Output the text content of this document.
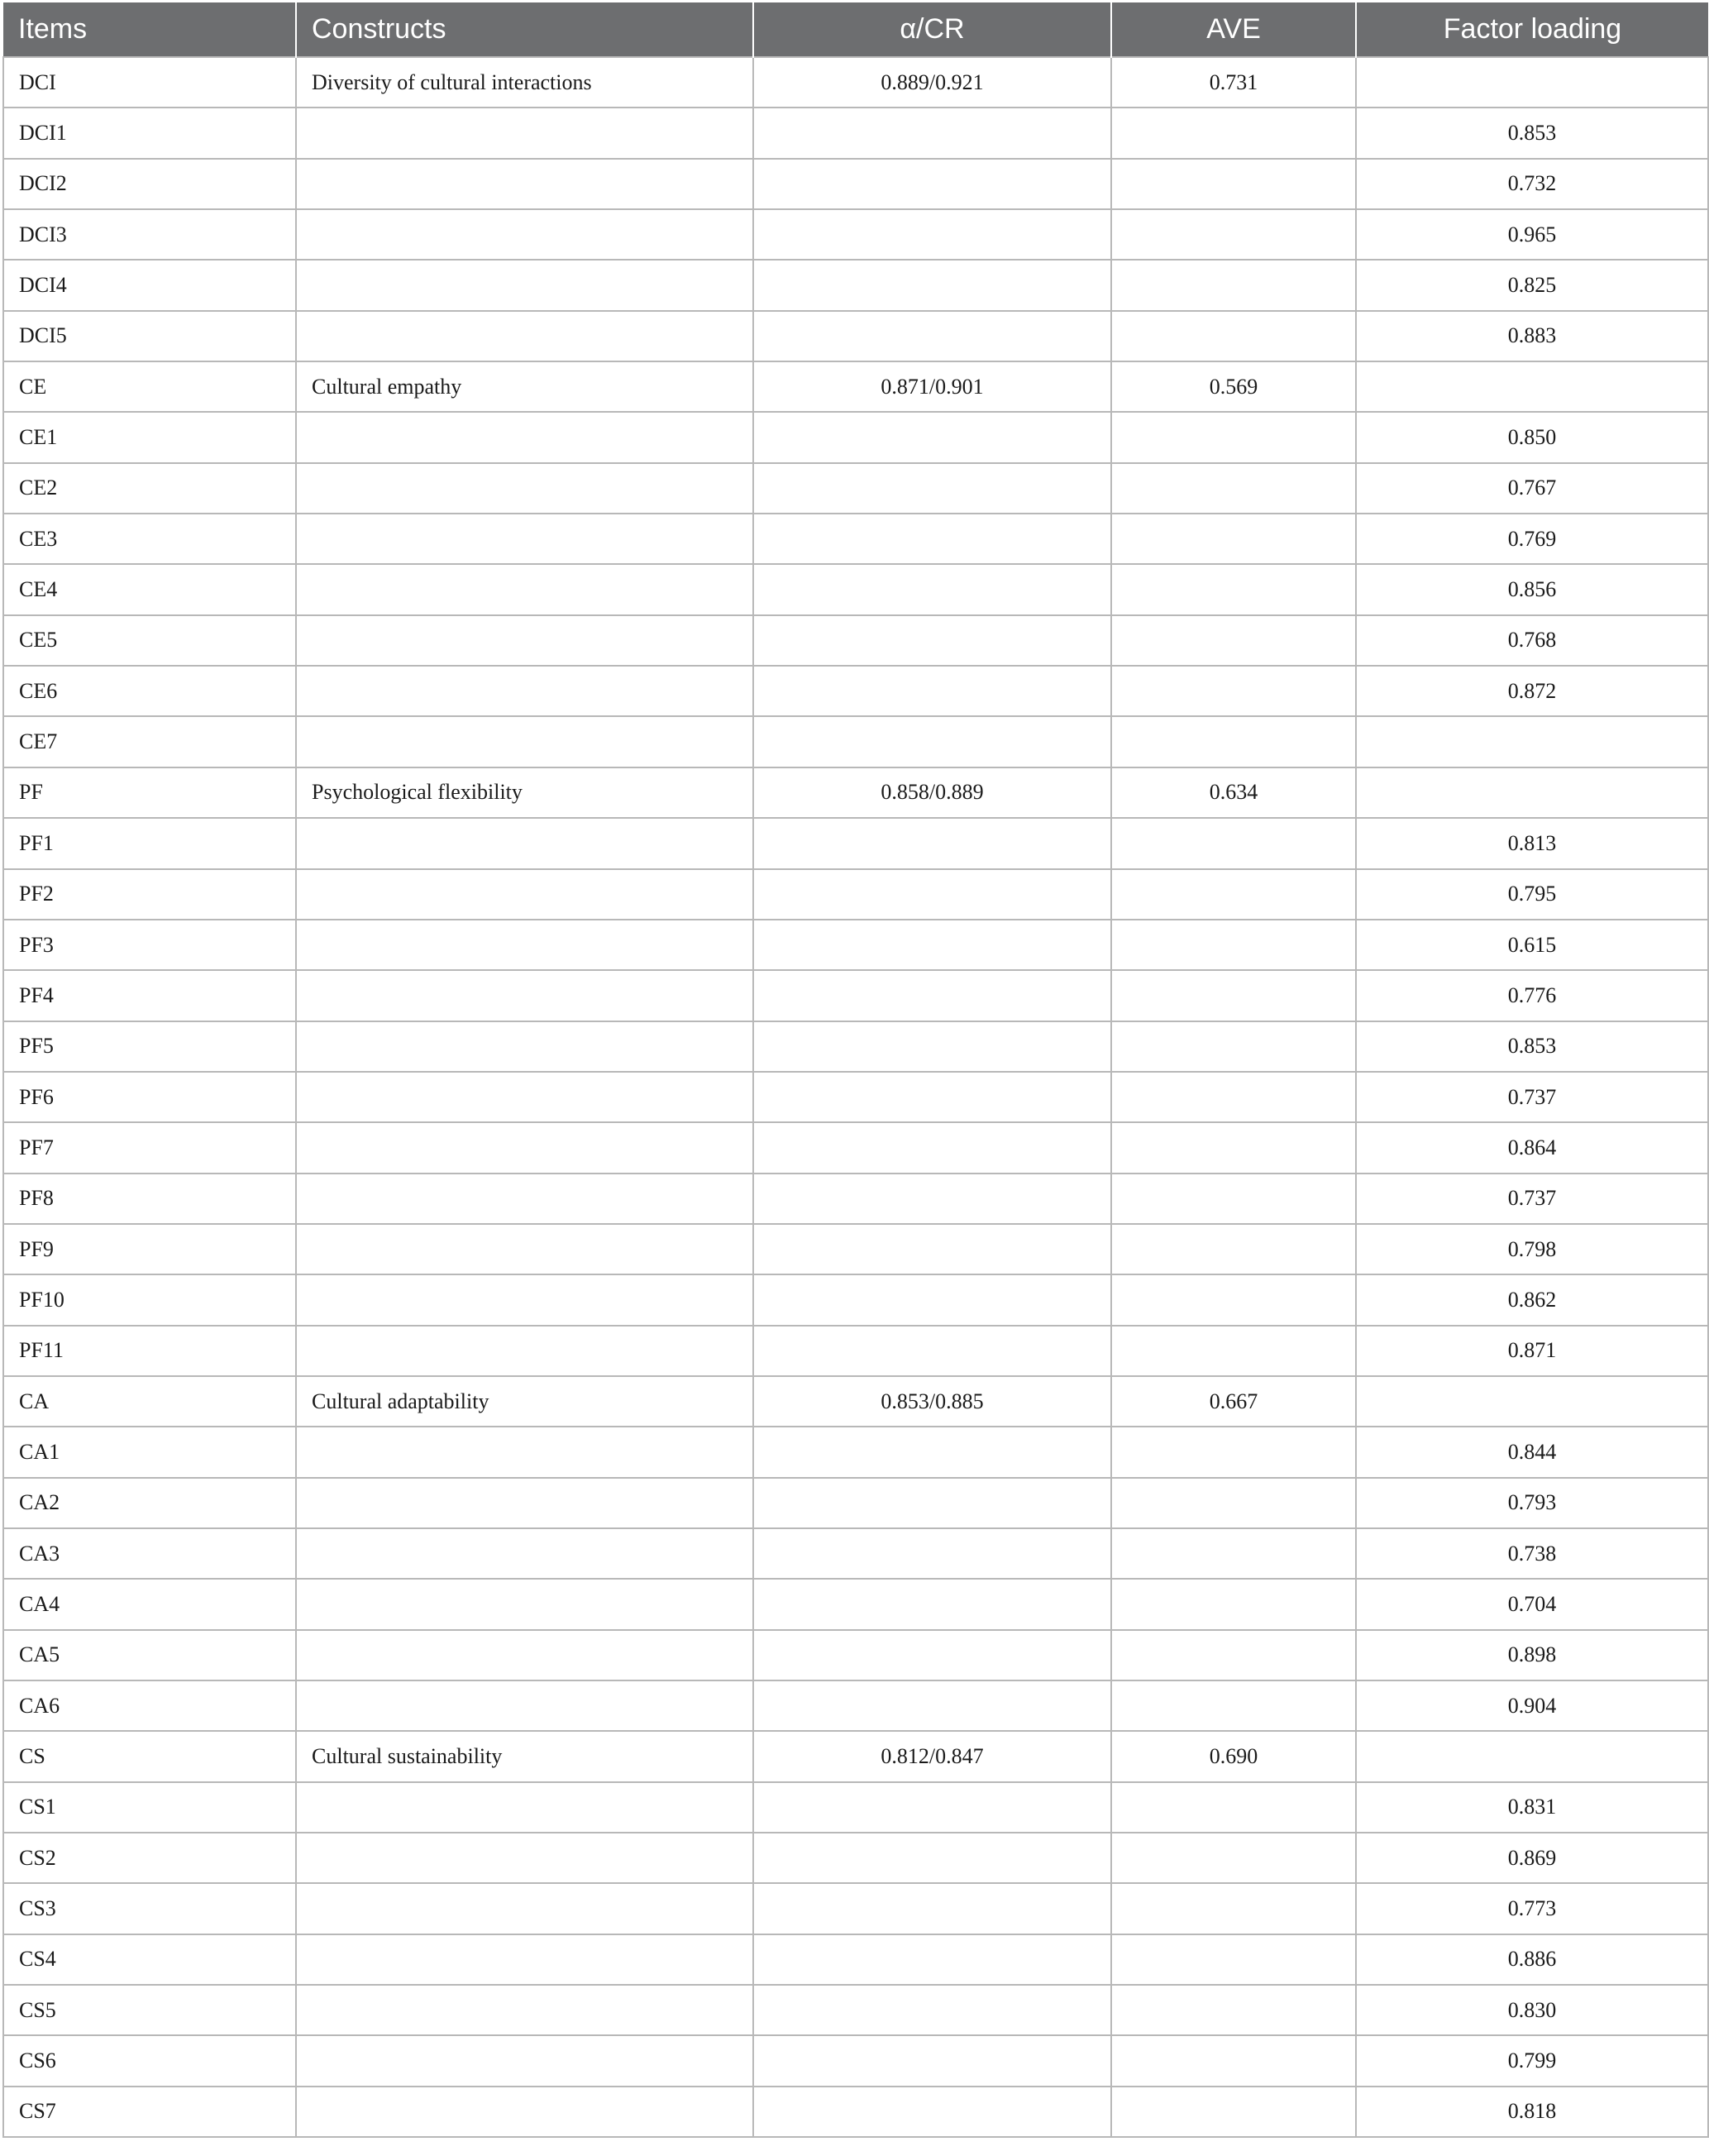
Items	Constructs	α/CR	AVE	Factor loading
DCI	Diversity of cultural interactions	0.889/0.921	0.731	
DCI1				0.853
DCI2				0.732
DCI3				0.965
DCI4				0.825
DCI5				0.883
CE	Cultural empathy	0.871/0.901	0.569	
CE1				0.850
CE2				0.767
CE3				0.769
CE4				0.856
CE5				0.768
CE6				0.872
CE7				
PF	Psychological flexibility	0.858/0.889	0.634	
PF1				0.813
PF2				0.795
PF3				0.615
PF4				0.776
PF5				0.853
PF6				0.737
PF7				0.864
PF8				0.737
PF9				0.798
PF10				0.862
PF11				0.871
CA	Cultural adaptability	0.853/0.885	0.667	
CA1				0.844
CA2				0.793
CA3				0.738
CA4				0.704
CA5				0.898
CA6				0.904
CS	Cultural sustainability	0.812/0.847	0.690	
CS1				0.831
CS2				0.869
CS3				0.773
CS4				0.886
CS5				0.830
CS6				0.799
CS7				0.818
